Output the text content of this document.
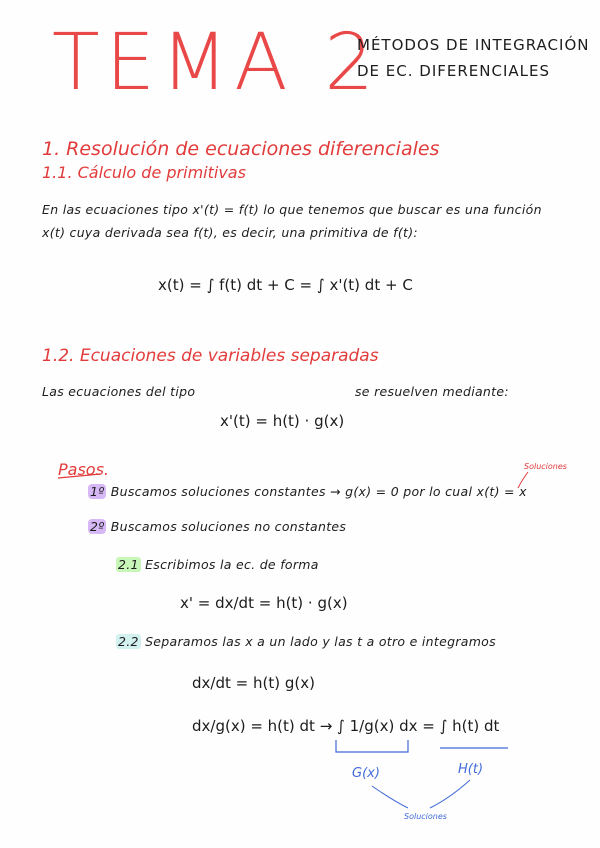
TEMA 2
MÉTODOS DE INTEGRACIÓN
DE EC. DIFERENCIALES
1. Resolución de ecuaciones diferenciales
1.1. Cálculo de primitivas
En las ecuaciones tipo x'(t) = f(t) lo que tenemos que buscar es una función
x(t) cuya derivada sea f(t), es decir, una primitiva de f(t):
x(t) = ∫ f(t) dt + C = ∫ x'(t) dt + C
1.2. Ecuaciones de variables separadas
Las ecuaciones del tipo	se resuelven mediante:
x'(t) = h(t) · g(x)
Pasos.
1º Buscamos soluciones constantes → g(x) = 0 por lo cual x(t) = x
Soluciones
2º Buscamos soluciones no constantes
2.1 Escribimos la ec. de forma
x' = dx/dt = h(t) · g(x)
2.2 Separamos las x a un lado y las t a otro e integramos
dx/dt = h(t) g(x)
dx/g(x) = h(t) dt → ∫ 1/g(x) dx = ∫ h(t) dt
G(x)	H(t)
Soluciones
